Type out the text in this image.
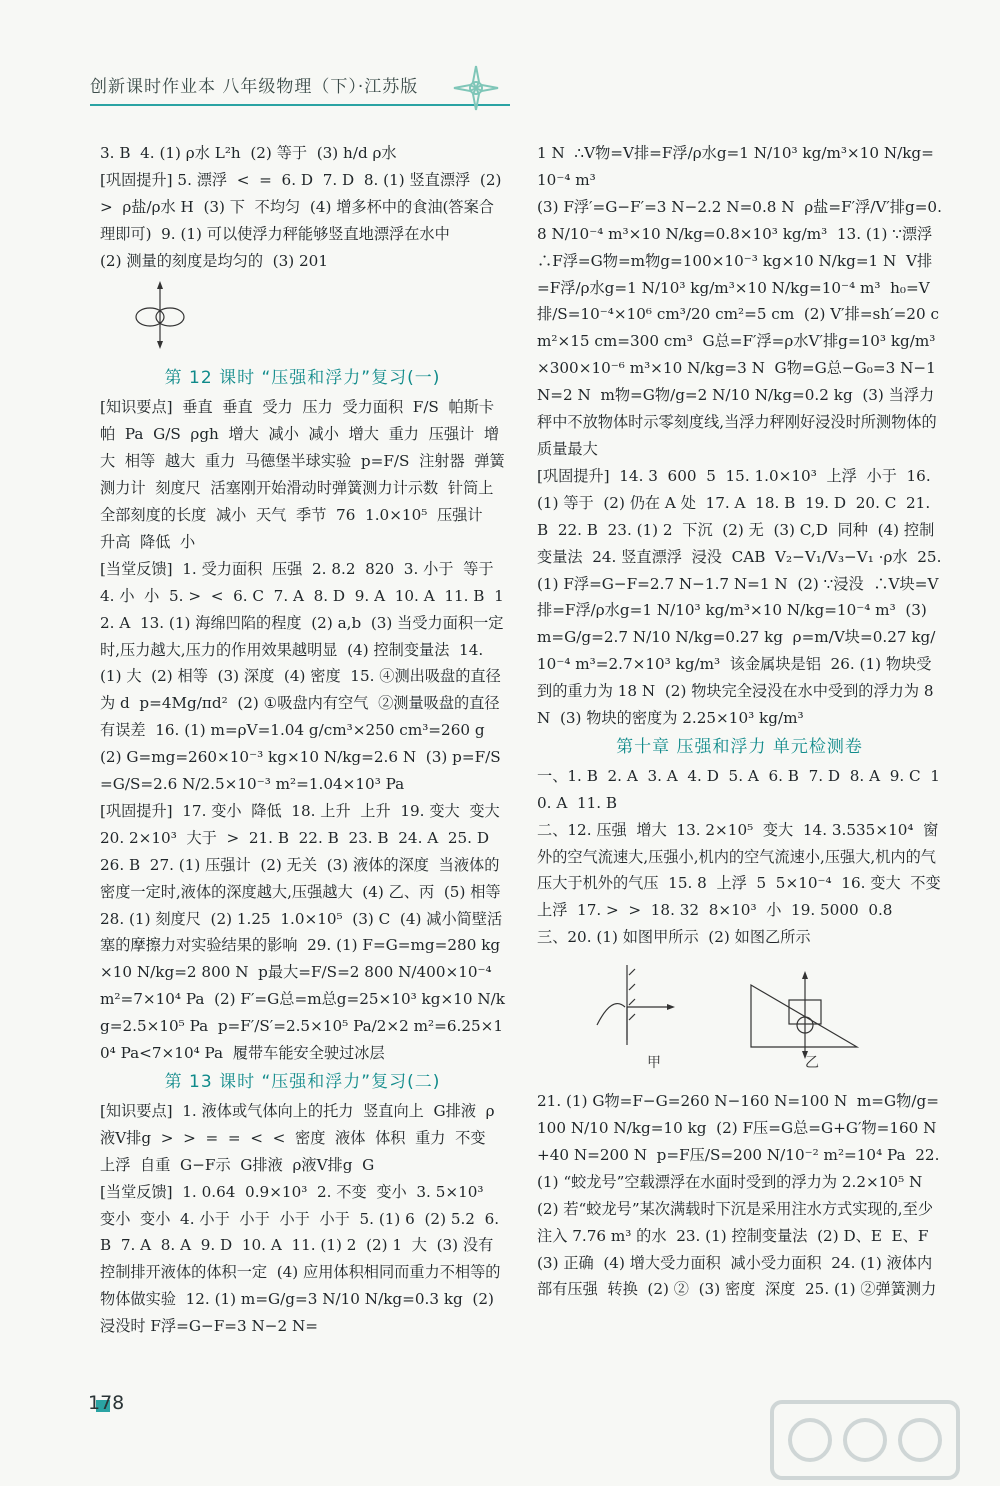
创新课时作业本 八年级物理（下）·江苏版

3. B  4. (1) ρ水 L²h  (2) 等于  (3) h/d ρ水

[巩固提升] 5. 漂浮  <  =  6. D  7. D  8. (1) 竖直漂浮  (2) >  ρ盐/ρ水 H  (3) 下  不均匀  (4) 增多杯中的食油(答案合理即可)  9. (1) 可以使浮力秤能够竖直地漂浮在水中

(2) 测量的刻度是均匀的  (3) 201

第 12 课时 “压强和浮力”复习(一)

[知识要点]  垂直  垂直  受力  压力  受力面积  F/S  帕斯卡  帕  Pa  G/S  ρgh  增大  减小  减小  增大  重力  压强计  增大  相等  越大  重力  马德堡半球实验  p=F/S  注射器  弹簧测力计  刻度尺  活塞刚开始滑动时弹簧测力计示数  针筒上全部刻度的长度  减小  天气  季节  76  1.0×10⁵  压强计  升高  降低  小

[当堂反馈]  1. 受力面积  压强  2. 8.2  820  3. 小于  等于  4. 小  小  5. >  <  6. C  7. A  8. D  9. A  10. A  11. B  12. A  13. (1) 海绵凹陷的程度  (2) a,b  (3) 当受力面积一定时,压力越大,压力的作用效果越明显  (4) 控制变量法  14. (1) 大  (2) 相等  (3) 深度  (4) 密度  15. ④测出吸盘的直径为 d  p=4Mg/πd²  (2) ①吸盘内有空气  ②测量吸盘的直径有误差  16. (1) m=ρV=1.04 g/cm³×250 cm³=260 g  (2) G=mg=260×10⁻³ kg×10 N/kg=2.6 N  (3) p=F/S=G/S=2.6 N/2.5×10⁻³ m²=1.04×10³ Pa

[巩固提升]  17. 变小  降低  18. 上升  上升  19. 变大  变大  20. 2×10³  大于  >  21. B  22. B  23. B  24. A  25. D  26. B  27. (1) 压强计  (2) 无关  (3) 液体的深度  当液体的密度一定时,液体的深度越大,压强越大  (4) 乙、丙  (5) 相等  28. (1) 刻度尺  (2) 1.25  1.0×10⁵  (3) C  (4) 减小简壁活塞的摩擦力对实验结果的影响  29. (1) F=G=mg=280 kg×10 N/kg=2 800 N  p最大=F/S=2 800 N/400×10⁻⁴ m²=7×10⁴ Pa  (2) F′=G总=m总g=25×10³ kg×10 N/kg=2.5×10⁵ Pa  p=F′/S′=2.5×10⁵ Pa/2×2 m²=6.25×10⁴ Pa<7×10⁴ Pa  履带车能安全驶过冰层

第 13 课时 “压强和浮力”复习(二)

[知识要点]  1. 液体或气体向上的托力  竖直向上  G排液  ρ液V排g  >  >  =  =  <  <  密度  液体  体积  重力  不变  上浮  自重  G−F示  G排液  ρ液V排g  G

[当堂反馈]  1. 0.64  0.9×10³  2. 不变  变小  3. 5×10³  变小  变小  4. 小于  小于  小于  小于  5. (1) 6  (2) 5.2  6. B  7. A  8. A  9. D  10. A  11. (1) 2  (2) 1  大  (3) 没有控制排开液体的体积一定  (4) 应用体积相同而重力不相等的物体做实验  12. (1) m=G/g=3 N/10 N/kg=0.3 kg  (2) 浸没时 F浮=G−F=3 N−2 N=

1 N  ∴V物=V排=F浮/ρ水g=1 N/10³ kg/m³×10 N/kg=10⁻⁴ m³

(3) F浮′=G−F′=3 N−2.2 N=0.8 N  ρ盐=F′浮/V′排g=0.8 N/10⁻⁴ m³×10 N/kg=0.8×10³ kg/m³  13. (1) ∵漂浮  ∴F浮=G物=m物g=100×10⁻³ kg×10 N/kg=1 N  V排=F浮/ρ水g=1 N/10³ kg/m³×10 N/kg=10⁻⁴ m³  h₀=V排/S=10⁻⁴×10⁶ cm³/20 cm²=5 cm  (2) V′排=sh′=20 cm²×15 cm=300 cm³  G总=F′浮=ρ水V′排g=10³ kg/m³×300×10⁻⁶ m³×10 N/kg=3 N  G物=G总−G₀=3 N−1 N=2 N  m物=G物/g=2 N/10 N/kg=0.2 kg  (3) 当浮力秤中不放物体时示零刻度线,当浮力秤刚好浸没时所测物体的质量最大

[巩固提升]  14. 3  600  5  15. 1.0×10³  上浮  小于  16. (1) 等于  (2) 仍在 A 处  17. A  18. B  19. D  20. C  21. B  22. B  23. (1) 2  下沉  (2) 无  (3) C,D  同种  (4) 控制变量法  24. 竖直漂浮  浸没  CAB  V₂−V₁/V₃−V₁ ·ρ水  25. (1) F浮=G−F=2.7 N−1.7 N=1 N  (2) ∵浸没  ∴V块=V排=F浮/ρ水g=1 N/10³ kg/m³×10 N/kg=10⁻⁴ m³  (3) m=G/g=2.7 N/10 N/kg=0.27 kg  ρ=m/V块=0.27 kg/10⁻⁴ m³=2.7×10³ kg/m³  该金属块是铝  26. (1) 物块受到的重力为 18 N  (2) 物块完全浸没在水中受到的浮力为 8 N  (3) 物块的密度为 2.25×10³ kg/m³

第十章 压强和浮力 单元检测卷

一、1. B  2. A  3. A  4. D  5. A  6. B  7. D  8. A  9. C  10. A  11. B

二、12. 压强  增大  13. 2×10⁵  变大  14. 3.535×10⁴  窗外的空气流速大,压强小,机内的空气流速小,压强大,机内的气压大于机外的气压  15. 8  上浮  5  5×10⁻⁴  16. 变大  不变  上浮  17. >  >  18. 32  8×10³  小  19. 5000  0.8

三、20. (1) 如图甲所示  (2) 如图乙所示

甲	乙

21. (1) G物=F−G=260 N−160 N=100 N  m=G物/g=100 N/10 N/kg=10 kg  (2) F压=G总=G+G′物=160 N+40 N=200 N  p=F压/S=200 N/10⁻² m²=10⁴ Pa  22. (1) “蛟龙号”空载漂浮在水面时受到的浮力为 2.2×10⁵ N  (2) 若“蛟龙号”某次满载时下沉是采用注水方式实现的,至少注入 7.76 m³ 的水  23. (1) 控制变量法  (2) D、E  E、F  (3) 正确  (4) 增大受力面积  减小受力面积  24. (1) 液体内部有压强  转换  (2) ②  (3) 密度  深度  25. (1) ②弹簧测力

178
